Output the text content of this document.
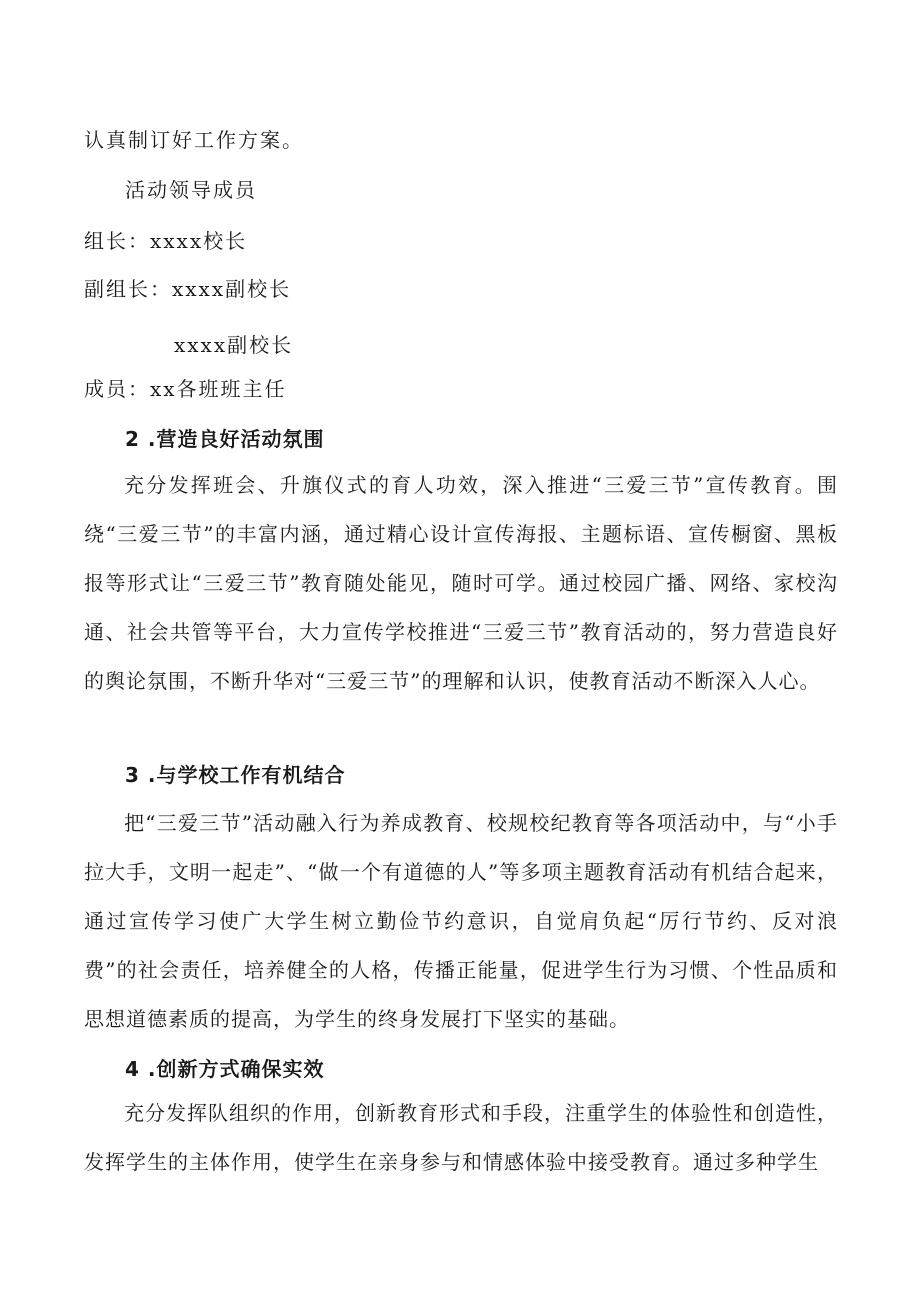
认真制订好工作方案。
活动领导成员
组长：xxxx校长
副组长：xxxx副校长
xxxx副校长
成员：xx各班班主任
2 .营造良好活动氛围
充分发挥班会、升旗仪式的育人功效，深入推进“三爱三节”宣传教育。围绕“三爱三节”的丰富内涵，通过精心设计宣传海报、主题标语、宣传橱窗、黑板报等形式让“三爱三节”教育随处能见，随时可学。通过校园广播、网络、家校沟通、社会共管等平台，大力宣传学校推进“三爱三节”教育活动的，努力营造良好的舆论氛围，不断升华对“三爱三节”的理解和认识，使教育活动不断深入人心。
3 .与学校工作有机结合
把“三爱三节”活动融入行为养成教育、校规校纪教育等各项活动中，与“小手拉大手，文明一起走”、“做一个有道德的人”等多项主题教育活动有机结合起来，通过宣传学习使广大学生树立勤俭节约意识，自觉肩负起“厉行节约、反对浪费”的社会责任，培养健全的人格，传播正能量，促进学生行为习惯、个性品质和思想道德素质的提高，为学生的终身发展打下坚实的基础。
4 .创新方式确保实效
充分发挥队组织的作用，创新教育形式和手段，注重学生的体验性和创造性，发挥学生的主体作用，使学生在亲身参与和情感体验中接受教育。通过多种学生
